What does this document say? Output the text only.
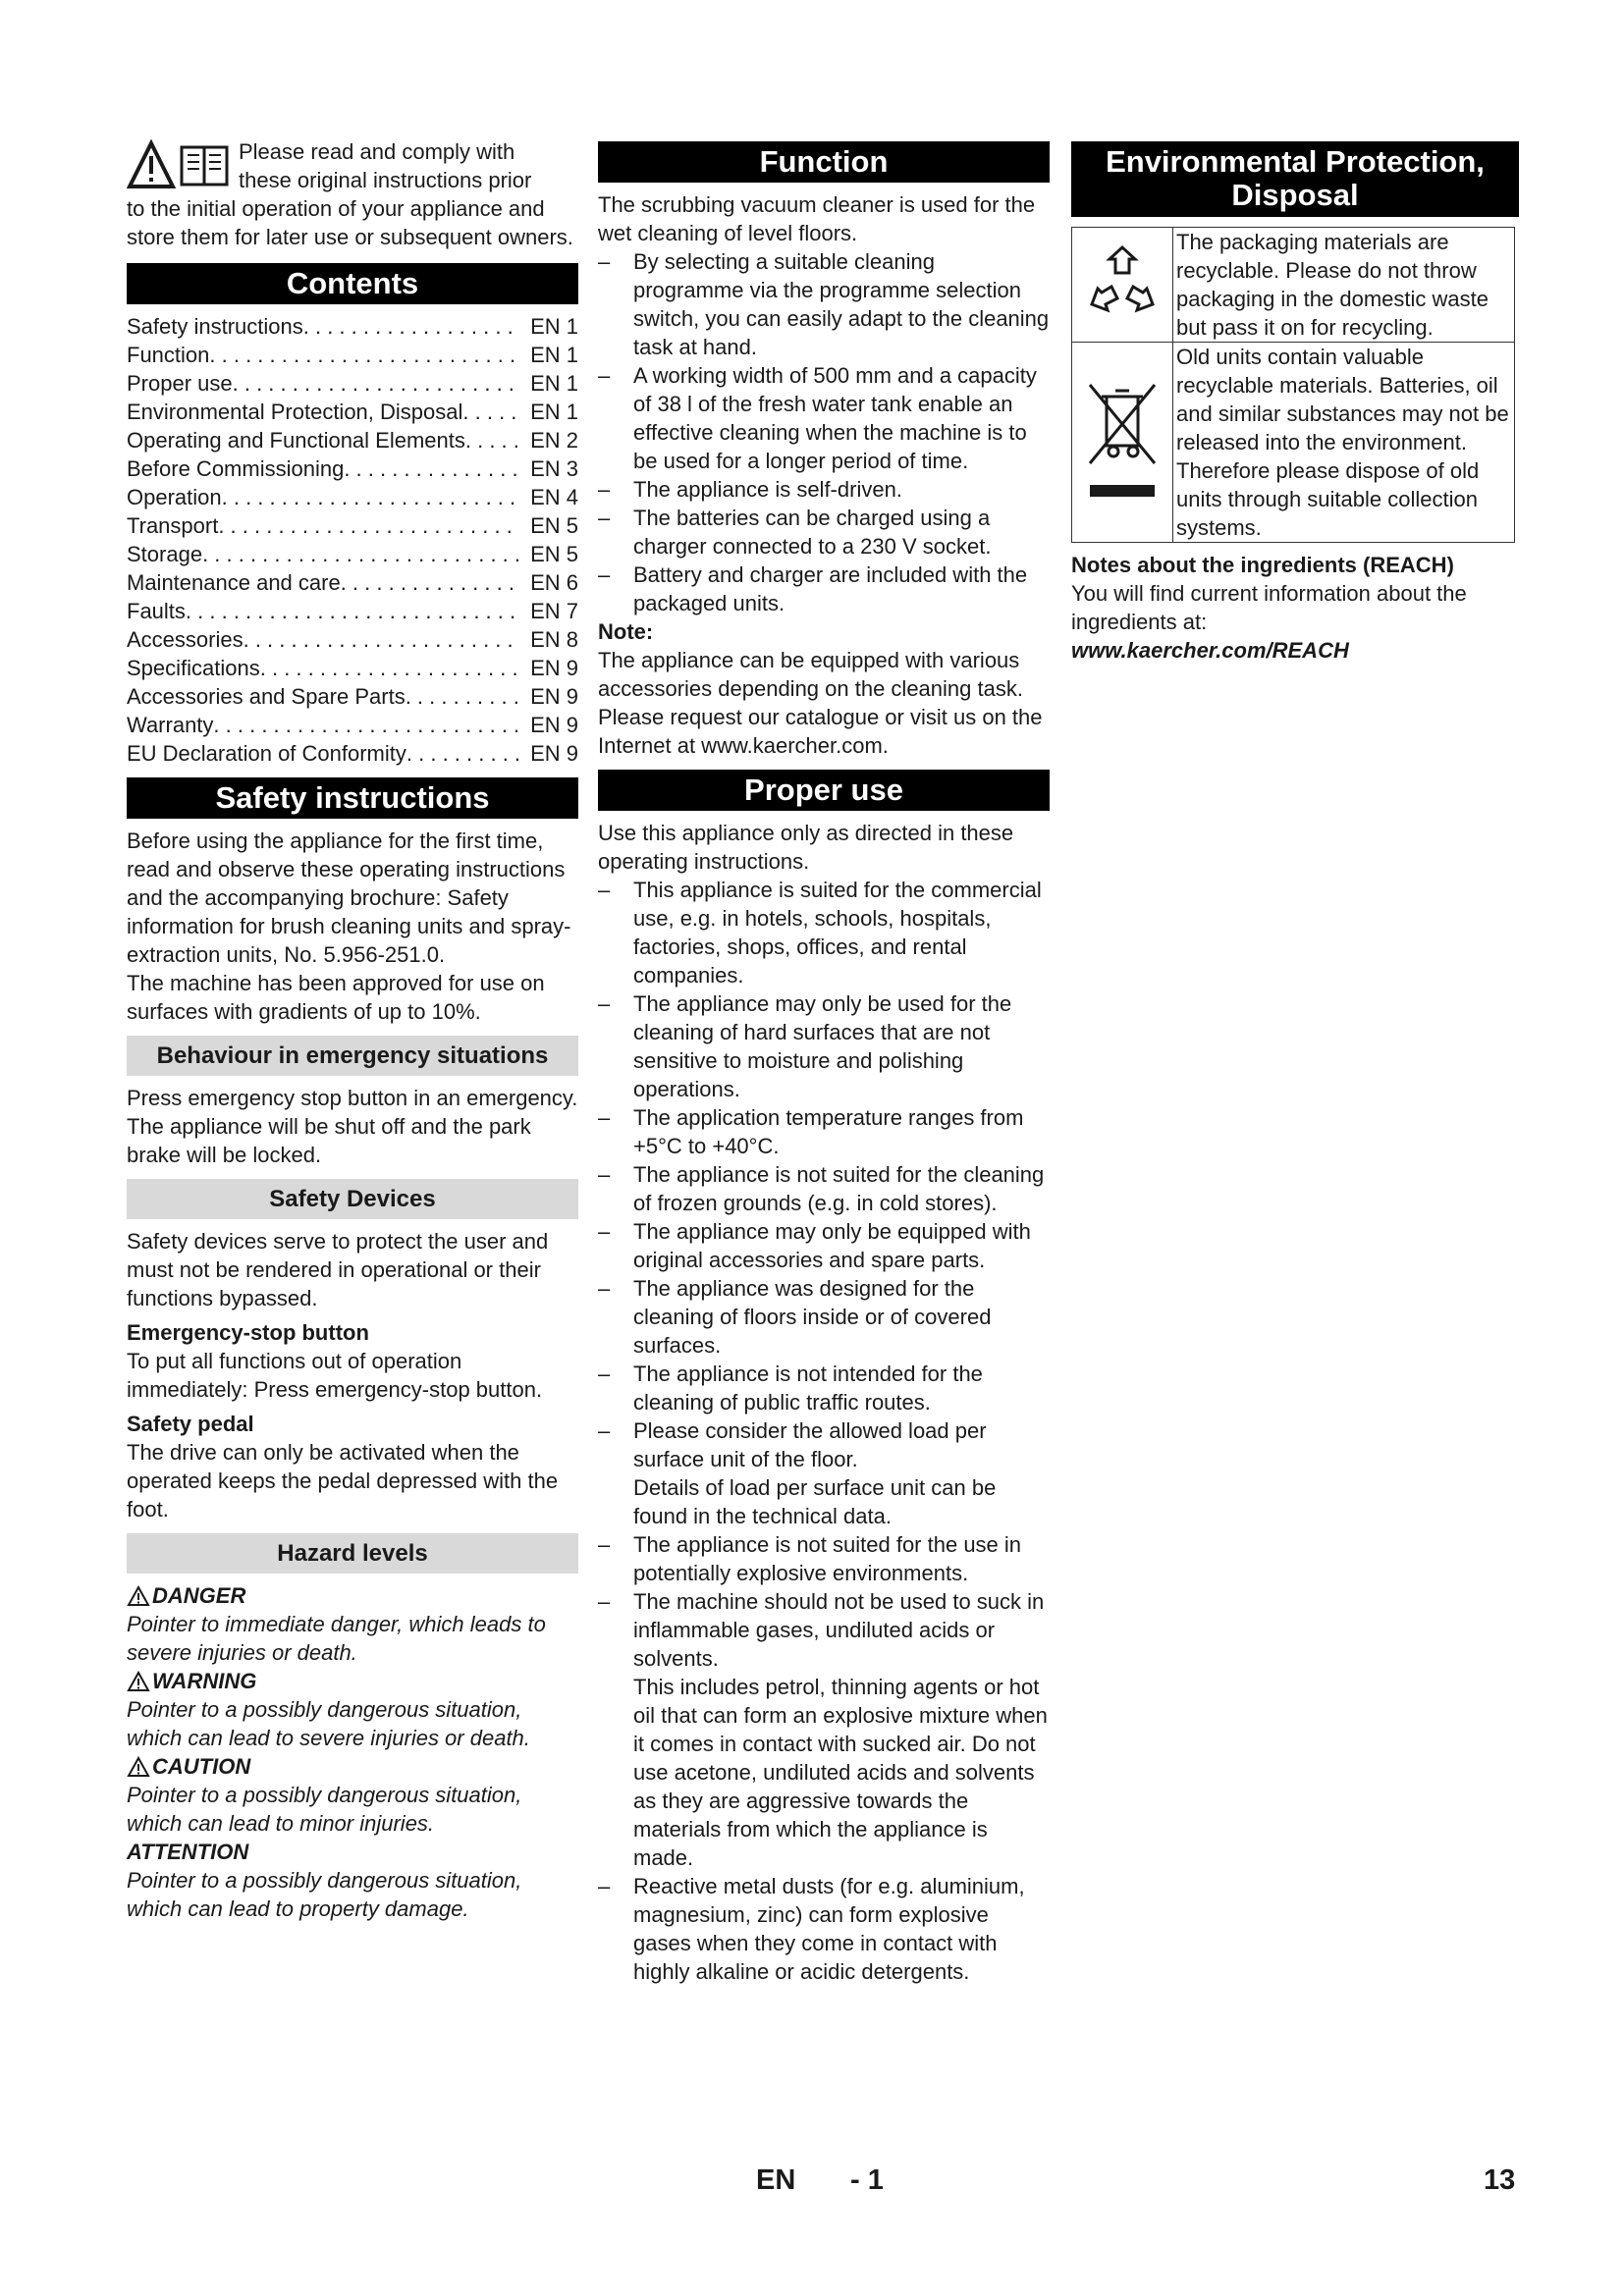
Please read and comply with

these original instructions prior

to the initial operation of your appliance and store them for later use or subsequent owners.

Contents
Safety instructions . . .	EN 1
Function . . .	EN 1
Proper use . . .	EN 1
Environmental Protection, Disposal . . .	EN 1
Operating and Functional Elements . . .	EN 2
Before Commissioning . . .	EN 3
Operation . . .	EN 4
Transport . . .	EN 5
Storage . . .	EN 5
Maintenance and care . . .	EN 6
Faults . . .	EN 7
Accessories . . .	EN 8
Specifications . . .	EN 9
Accessories and Spare Parts . . .	EN 9
Warranty . . .	EN 9
EU Declaration of Conformity . . .	EN 9
Safety instructions

Before using the appliance for the first time, read and observe these operating instructions and the accompanying brochure: Safety information for brush cleaning units and spray-extraction units, No. 5.956-251.0.

The machine has been approved for use on surfaces with gradients of up to 10%.

Behaviour in emergency situations

Press emergency stop button in an emergency. The appliance will be shut off and the park brake will be locked.

Safety Devices

Safety devices serve to protect the user and must not be rendered in operational or their functions bypassed.

Emergency-stop button

To put all functions out of operation immediately: Press emergency-stop button.

Safety pedal

The drive can only be activated when the operated keeps the pedal depressed with the foot.

Hazard levels
DANGER
Pointer to immediate danger, which leads to severe injuries or death.
WARNING
Pointer to a possibly dangerous situation, which can lead to severe injuries or death.
CAUTION
Pointer to a possibly dangerous situation, which can lead to minor injuries.
ATTENTION
Pointer to a possibly dangerous situation, which can lead to property damage.
Function

The scrubbing vacuum cleaner is used for the wet cleaning of level floors.

– By selecting a suitable cleaning programme via the programme selection switch, you can easily adapt to the cleaning task at hand.
– A working width of 500 mm and a capacity of 38 l of the fresh water tank enable an effective cleaning when the machine is to be used for a longer period of time.
– The appliance is self-driven.
– The batteries can be charged using a charger connected to a 230 V socket.
– Battery and charger are included with the packaged units.
Note:

The appliance can be equipped with various accessories depending on the cleaning task.

Please request our catalogue or visit us on the Internet at www.kaercher.com.

Proper use

Use this appliance only as directed in these operating instructions.

– This appliance is suited for the commercial use, e.g. in hotels, schools, hospitals, factories, shops, offices, and rental companies.
– The appliance may only be used for the cleaning of hard surfaces that are not sensitive to moisture and polishing operations.
– The application temperature ranges from +5°C to +40°C.
– The appliance is not suited for the cleaning of frozen grounds (e.g. in cold stores).
– The appliance may only be equipped with original accessories and spare parts.
– The appliance was designed for the cleaning of floors inside or of covered surfaces.
– The appliance is not intended for the cleaning of public traffic routes.
– Please consider the allowed load per surface unit of the floor.
Details of load per surface unit can be found in the technical data.
– The appliance is not suited for the use in potentially explosive environments.
– The machine should not be used to suck in inflammable gases, undiluted acids or solvents.
This includes petrol, thinning agents or hot oil that can form an explosive mixture when it comes in contact with sucked air. Do not use acetone, undiluted acids and solvents as they are aggressive towards the materials from which the appliance is made.
– Reactive metal dusts (for e.g. aluminium, magnesium, zinc) can form explosive gases when they come in contact with highly alkaline or acidic detergents.
Environmental Protection,
Disposal
	The packaging materials are recyclable. Please do not throw packaging in the domestic waste but pass it on for recycling.
	Old units contain valuable recyclable materials. Batteries, oil and similar substances may not be released into the environment. Therefore please dispose of old units through suitable collection systems.
Notes about the ingredients (REACH)

You will find current information about the ingredients at:

www.kaercher.com/REACH

EN - 1	13
